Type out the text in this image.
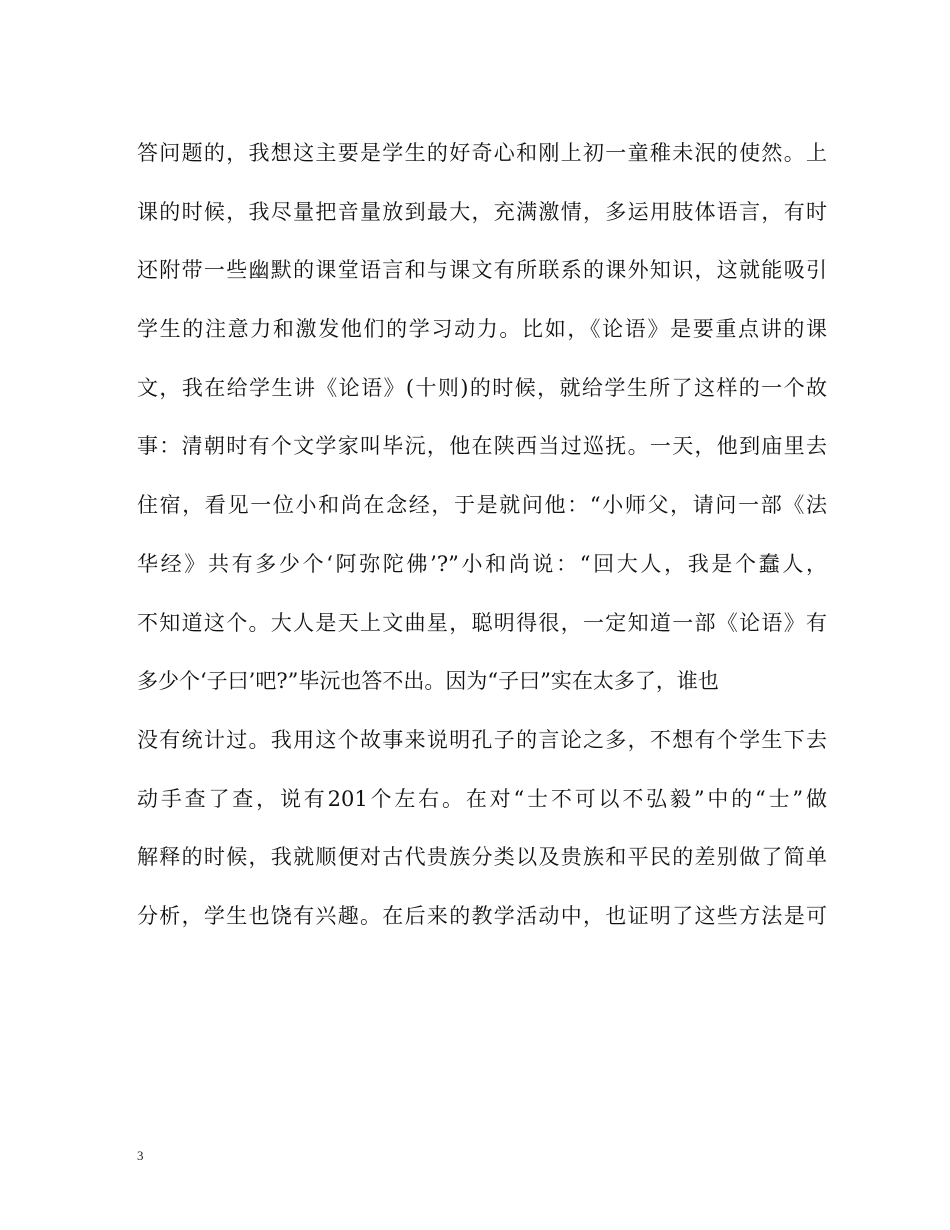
答问题的，我想这主要是学生的好奇心和刚上初一童稚未泯的使然。上
课的时候，我尽量把音量放到最大，充满激情，多运用肢体语言，有时
还附带一些幽默的课堂语言和与课文有所联系的课外知识，这就能吸引
学生的注意力和激发他们的学习动力。比如，《论语》是要重点讲的课
文，我在给学生讲《论语》(十则)的时候，就给学生所了这样的一个故
事：清朝时有个文学家叫毕沅，他在陕西当过巡抚。一天，他到庙里去
住宿，看见一位小和尚在念经，于是就问他：“小师父，请问一部《法
华经》共有多少个‘阿弥陀佛’?”小和尚说：“回大人，我是个蠢人，
不知道这个。大人是天上文曲星，聪明得很，一定知道一部《论语》有
多少个‘子曰’吧?”毕沅也答不出。因为“子曰”实在太多了，谁也
没有统计过。我用这个故事来说明孔子的言论之多，不想有个学生下去
动手查了查，说有201个左右。在对“士不可以不弘毅”中的“士”做
解释的时候，我就顺便对古代贵族分类以及贵族和平民的差别做了简单
分析，学生也饶有兴趣。在后来的教学活动中，也证明了这些方法是可
3
